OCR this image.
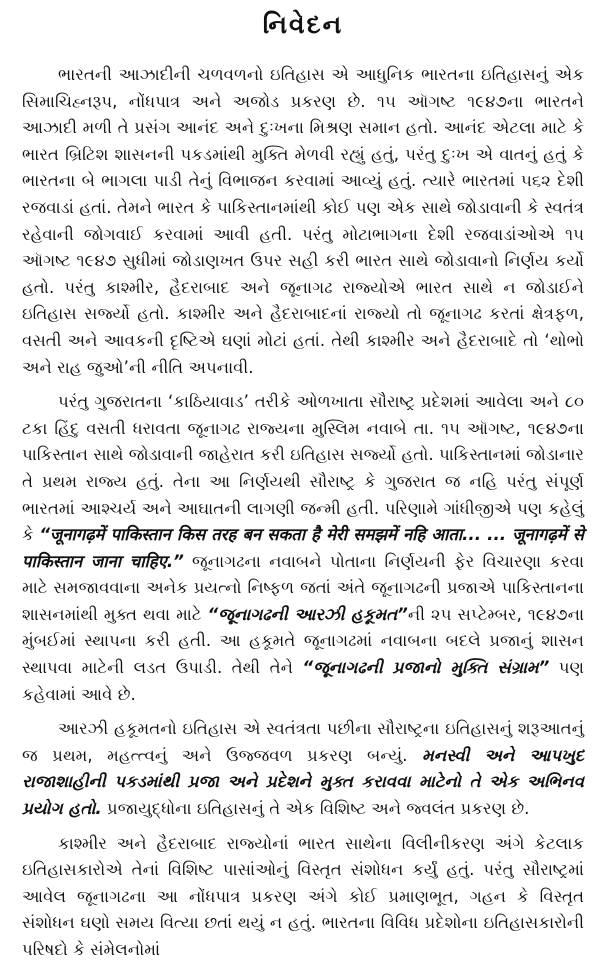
નિવેદન

ભારતની આઝાદીની ચળવળનો ઇતિહાસ એ આધુનિક ભારતના ઇતિહાસનું એક સિમાચિહ્નરૂપ, નોંધપાત્ર અને અજોડ પ્રકરણ છે. ૧૫ ઑગષ્ટ ૧૯૪૭ના ભારતને આઝાદી મળી તે પ્રસંગ આનંદ અને દુઃખના મિશ્રણ સમાન હતો. આનંદ એટલા માટે કે ભારત બ્રિટિશ શાસનની પકડમાંથી મુક્તિ મેળવી રહ્યું હતું, પરંતુ દુઃખ એ વાતનું હતું કે ભારતના બે ભાગલા પાડી તેનું વિભાજન કરવામાં આવ્યું હતું. ત્યારે ભારતમાં ૫૬૨ દેશી રજવાડાં હતાં. તેમને ભારત કે પાકિસ્તાનમાંથી કોઈ પણ એક સાથે જોડાવાની કે સ્વતંત્ર રહેવાની જોગવાઈ કરવામાં આવી હતી. પરંતુ મોટાભાગના દેશી રજવાડાંઓએ ૧૫ ઑગષ્ટ ૧૯૪૭ સુધીમાં જોડાણખત ઉપર સહી કરી ભારત સાથે જોડાવાનો નિર્ણય કર્યો હતો. પરંતુ કાશ્મીર, હૈદરાબાદ અને જૂનાગઢ રાજ્યોએ ભારત સાથે ન જોડાઈને ઇતિહાસ સર્જ્યો હતો. કાશ્મીર અને હૈદરાબાદનાં રાજ્યો તો જૂનાગઢ કરતાં ક્ષેત્રફળ, વસતી અને આવકની દૃષ્ટિએ ઘણાં મોટાં હતાં. તેથી કાશ્મીર અને હૈદરાબાદે તો ‘થોભો અને રાહ જુઓ’ની નીતિ અપનાવી.

પરંતુ ગુજરાતના ‘કાઠિયાવાડ’ તરીકે ઓળખાતા સૌરાષ્ટ્ર પ્રદેશમાં આવેલા અને ૮૦ ટકા હિંદુ વસતી ધરાવતા જૂનાગઢ રાજ્યના મુસ્લિમ નવાબે તા. ૧૫ ઑગષ્ટ, ૧૯૪૭ના પાકિસ્તાન સાથે જોડાવાની જાહેરાત કરી ઇતિહાસ સર્જ્યો હતો. પાકિસ્તાનમાં જોડાનાર તે પ્રથમ રાજ્ય હતું. તેના આ નિર્ણયથી સૌરાષ્ટ્ર કે ગુજરાત જ નહિ પરંતુ સંપૂર્ણ ભારતમાં આશ્ચર્ય અને આઘાતની લાગણી જન્મી હતી. પરિણામે ગાંધીજીએ પણ કહેલું કે “जूनागढ़में पाकिस्तान किस तरह बन सकता है मेरी समझमें नहि आता... ... जूनागढ़में से पाकिस्तान जाना चाहिए.” જૂનાગઢના નવાબને પોતાના નિર્ણયની ફેર વિચારણા કરવા માટે સમજાવવાના અનેક પ્રયત્નો નિષ્ફળ જતાં અંતે જૂનાગઢની પ્રજાએ પાકિસ્તાનના શાસનમાંથી મુક્ત થવા માટે “જૂનાગઢની આરઝી હકૂમત”ની ૨૫ સપ્ટેમ્બર, ૧૯૪૭ના મુંબઈમાં સ્થાપના કરી હતી. આ હકૂમતે જૂનાગઢમાં નવાબના બદલે પ્રજાનું શાસન સ્થાપવા માટેની લડત ઉપાડી. તેથી તેને “જૂનાગઢની પ્રજાનો મુક્તિ સંગ્રામ” પણ કહેવામાં આવે છે.

આરઝી હકૂમતનો ઇતિહાસ એ સ્વતંત્રતા પછીના સૌરાષ્ટ્રના ઇતિહાસનું શરૂઆતનું જ પ્રથમ, મહત્ત્વનું અને ઉજ્જવળ પ્રકરણ બન્યું. મનસ્વી અને આપખુદ રાજાશાહીની પકડમાંથી પ્રજા અને પ્રદેશને મુક્ત કરાવવા માટેનો તે એક અભિનવ પ્રયોગ હતો. પ્રજાયુદ્ધોના ઇતિહાસનું તે એક વિશિષ્ટ અને જ્વલંત પ્રકરણ છે.

કાશ્મીર અને હૈદરાબાદ રાજ્યોનાં ભારત સાથેના વિલીનીકરણ અંગે કેટલાક ઇતિહાસકારોએ તેનાં વિશિષ્ટ પાસાંઓનું વિસ્તૃત સંશોધન કર્યું હતું. પરંતુ સૌરાષ્ટ્રમાં આવેલ જૂનાગઢના આ નોંધપાત્ર પ્રકરણ અંગે કોઈ પ્રમાણભૂત, ગહન કે વિસ્તૃત સંશોધન ઘણો સમય વિત્યા છતાં થયું ન હતું. ભારતના વિવિધ પ્રદેશોના ઇતિહાસકારોની પરિષદો કે સંમેલનોમાં
